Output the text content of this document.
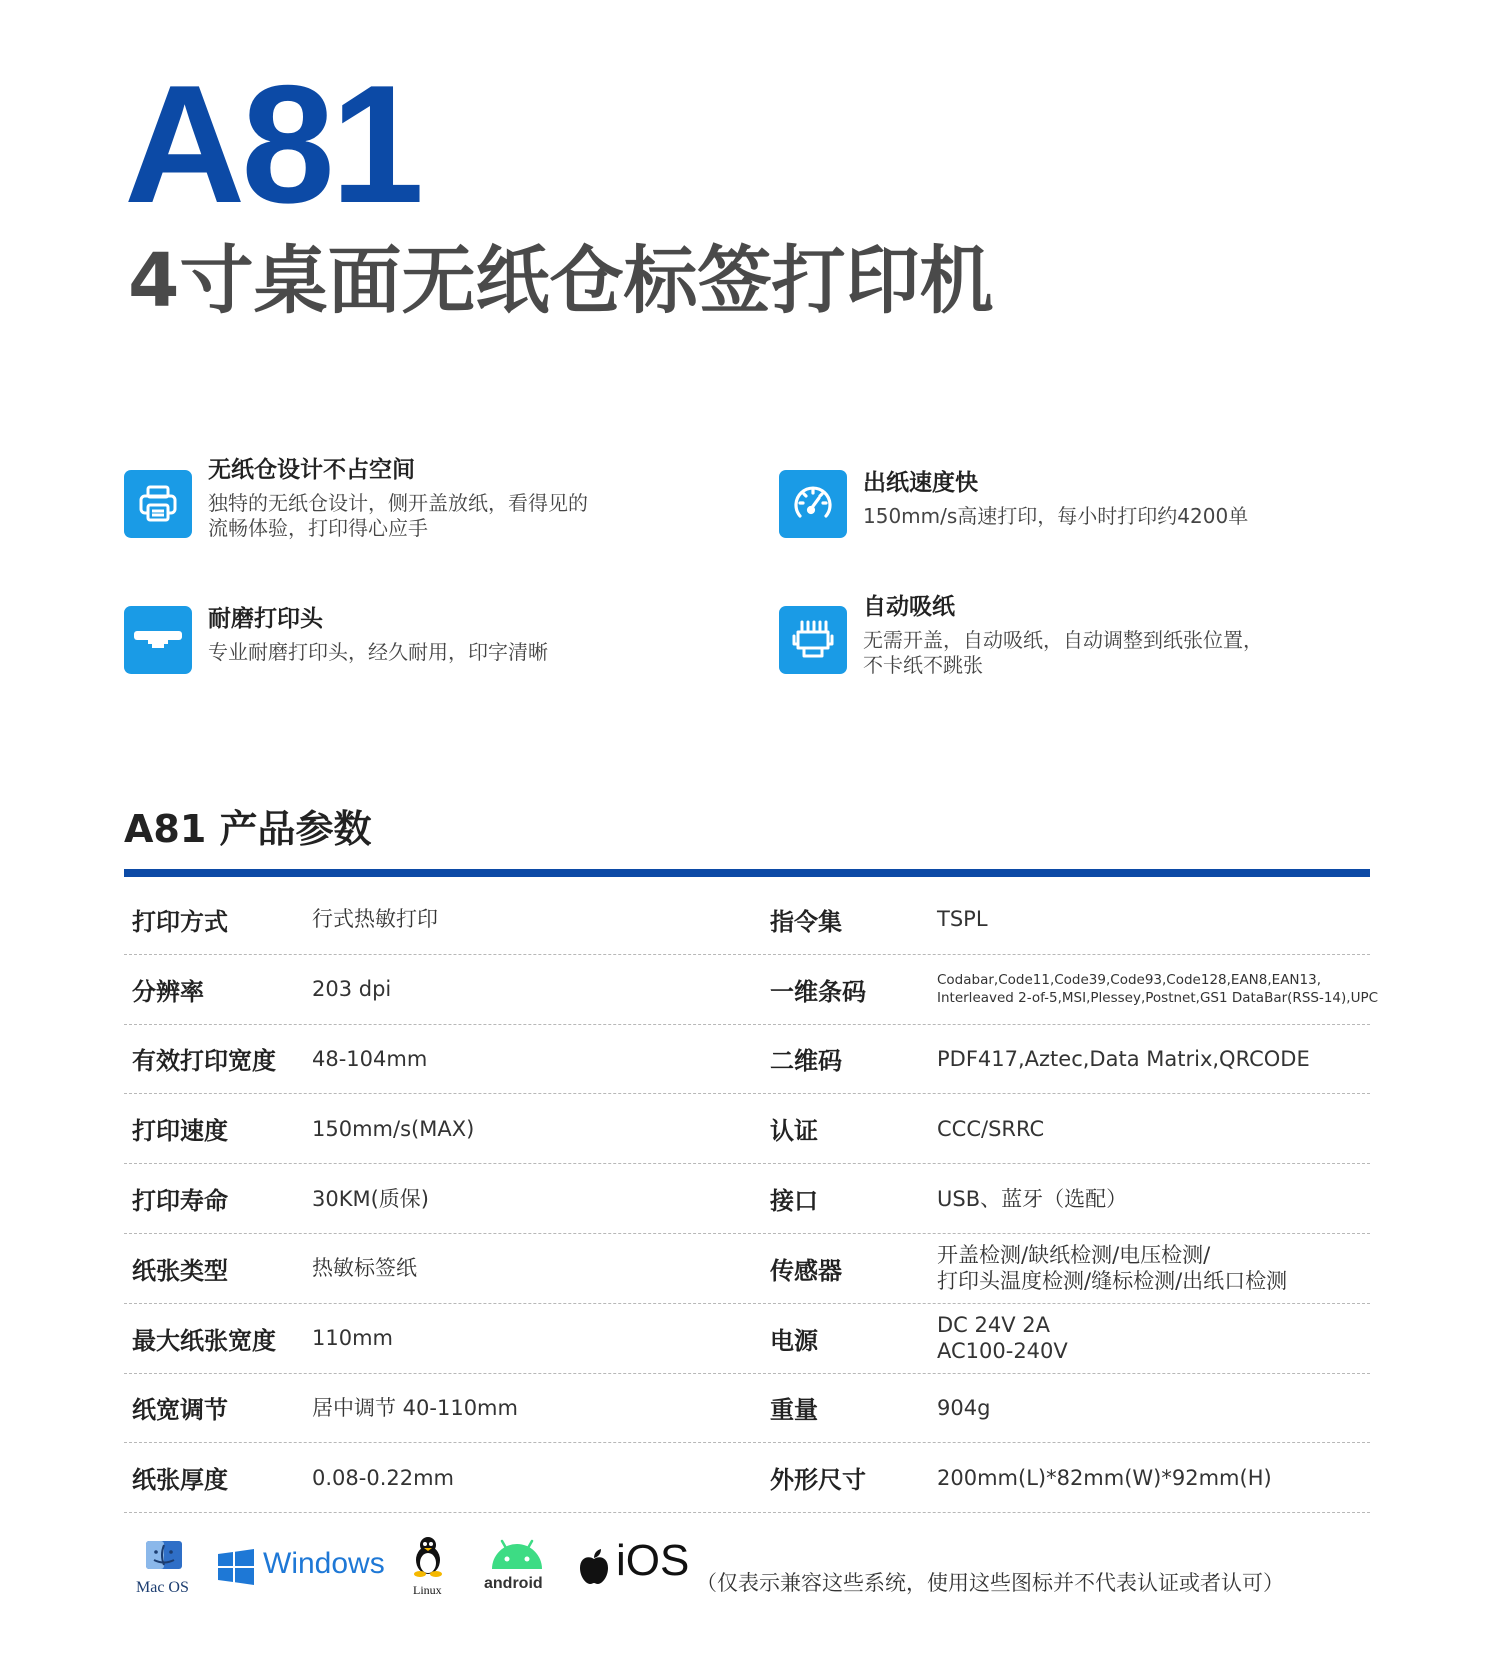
A81
4寸桌面无纸仓标签打印机
无纸仓设计不占空间
独特的无纸仓设计，侧开盖放纸，看得见的
流畅体验，打印得心应手
出纸速度快
150mm/s高速打印，每小时打印约4200单
耐磨打印头
专业耐磨打印头，经久耐用，印字清晰
自动吸纸
无需开盖，自动吸纸，自动调整到纸张位置，
不卡纸不跳张
A81 产品参数
打印方式	行式热敏打印	指令集	TSPL
分辨率	203 dpi	一维条码	Codabar,Code11,Code39,Code93,Code128,EAN8,EAN13,
Interleaved 2-of-5,MSI,Plessey,Postnet,GS1 DataBar(RSS-14),UPC
有效打印宽度	48-104mm	二维码	PDF417,Aztec,Data Matrix,QRCODE
打印速度	150mm/s(MAX)	认证	CCC/SRRC
打印寿命	30KM(质保)	接口	USB、蓝牙（选配）
纸张类型	热敏标签纸	传感器
开盖检测/缺纸检测/电压检测/
打印头温度检测/缝标检测/出纸口检测
最大纸张宽度	110mm	电源
DC 24V 2A
AC100-240V
纸宽调节	居中调节 40-110mm	重量	904g
纸张厚度	0.08-0.22mm	外形尺寸	200mm(L)*82mm(W)*92mm(H)
Mac OS
Windows
Linux	android iOS （仅表示兼容这些系统，使用这些图标并不代表认证或者认可）
